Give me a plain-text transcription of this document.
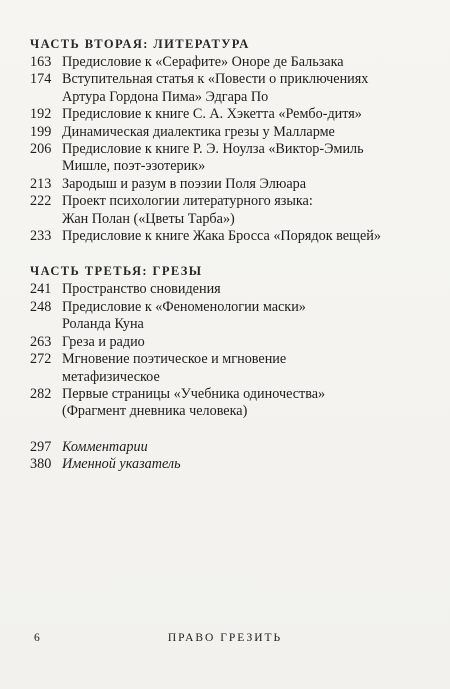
ЧАСТЬ ВТОРАЯ: ЛИТЕРАТУРА
163 Предисловие к «Серафите» Оноре де Бальзака
174 Вступительная статья к «Повести о приключениях
Артура Гордона Пима» Эдгара По
192 Предисловие к книге С. А. Хэкетта «Рембо-дитя»
199 Динамическая диалектика грезы у Малларме
206 Предисловие к книге Р. Э. Ноулза «Виктор-Эмиль
Мишле, поэт-эзотерик»
213 Зародыш и разум в поэзии Поля Элюара
222 Проект психологии литературного языка:
Жан Полан («Цветы Тарба»)
233 Предисловие к книге Жака Бросса «Порядок вещей»
ЧАСТЬ ТРЕТЬЯ: ГРЕЗЫ
241 Пространство сновидения
248 Предисловие к «Феноменологии маски»
Роланда Куна
263 Греза и радио
272 Мгновение поэтическое и мгновение
метафизическое
282 Первые страницы «Учебника одиночества»
(Фрагмент дневника человека)
297 Комментарии
380 Именной указатель
6	ПРАВО ГРЕЗИТЬ
